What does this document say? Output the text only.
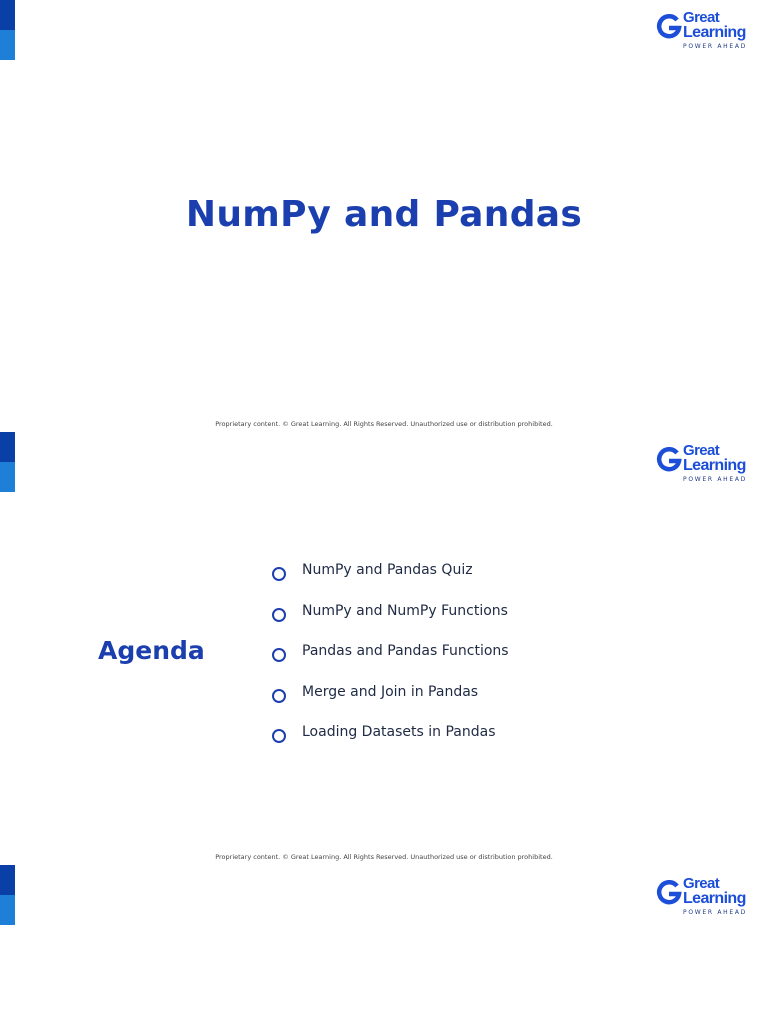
Great
Learning
POWER AHEAD
NumPy and Pandas
Proprietary content. © Great Learning. All Rights Reserved. Unauthorized use or distribution prohibited.
Great
Learning
POWER AHEAD
Agenda
NumPy and Pandas Quiz
NumPy and NumPy Functions
Pandas and Pandas Functions
Merge and Join in Pandas
Loading Datasets in Pandas
Proprietary content. © Great Learning. All Rights Reserved. Unauthorized use or distribution prohibited.
Great
Learning
POWER AHEAD
